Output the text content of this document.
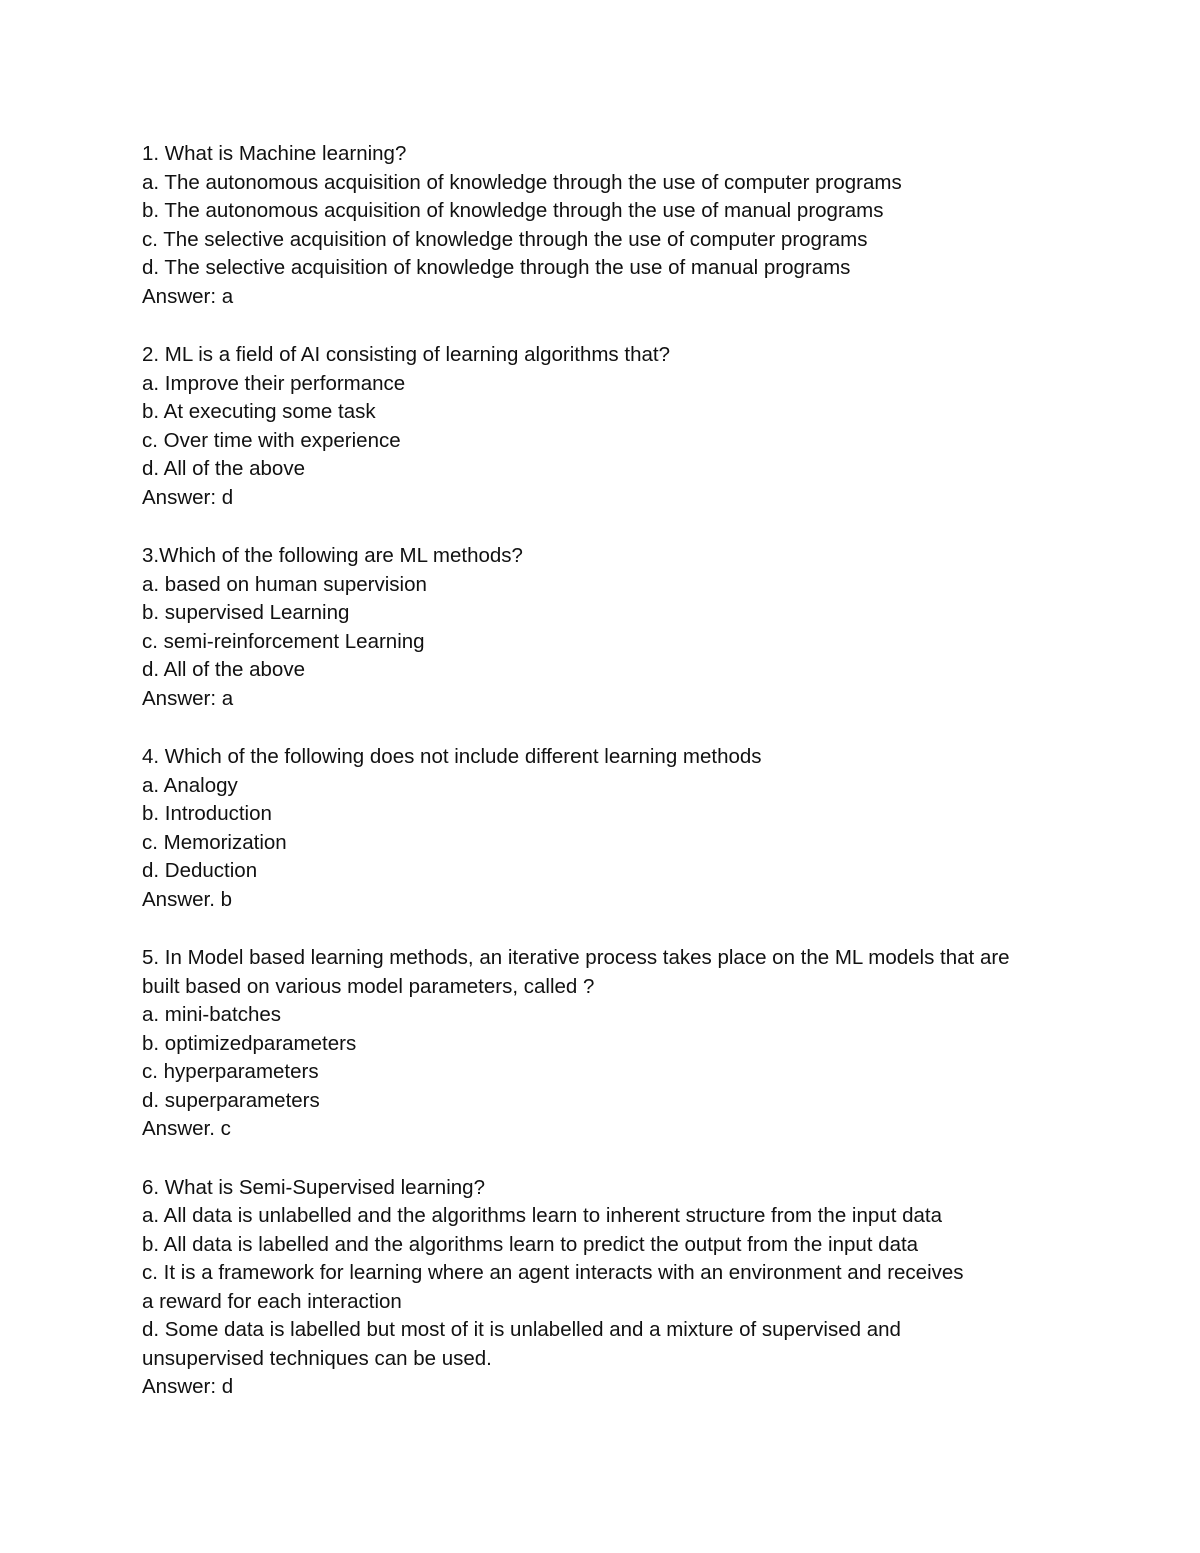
1. What is Machine learning?
a. The autonomous acquisition of knowledge through the use of computer programs
b. The autonomous acquisition of knowledge through the use of manual programs
c. The selective acquisition of knowledge through the use of computer programs
d. The selective acquisition of knowledge through the use of manual programs
Answer: a
2. ML is a field of AI consisting of learning algorithms that?
a. Improve their performance
b. At executing some task
c. Over time with experience
d. All of the above
Answer: d
3.Which of the following are ML methods?
a. based on human supervision
b. supervised Learning
c. semi-reinforcement Learning
d. All of the above
Answer: a
4. Which of the following does not include different learning methods
a. Analogy
b. Introduction
c. Memorization
d. Deduction
Answer. b
5. In Model based learning methods, an iterative process takes place on the ML models that are
built based on various model parameters, called ?
a. mini-batches
b. optimizedparameters
c. hyperparameters
d. superparameters
Answer. c
6. What is Semi-Supervised learning?
a. All data is unlabelled and the algorithms learn to inherent structure from the input data
b. All data is labelled and the algorithms learn to predict the output from the input data
c. It is a framework for learning where an agent interacts with an environment and receives
a reward for each interaction
d. Some data is labelled but most of it is unlabelled and a mixture of supervised and
unsupervised techniques can be used.
Answer: d
